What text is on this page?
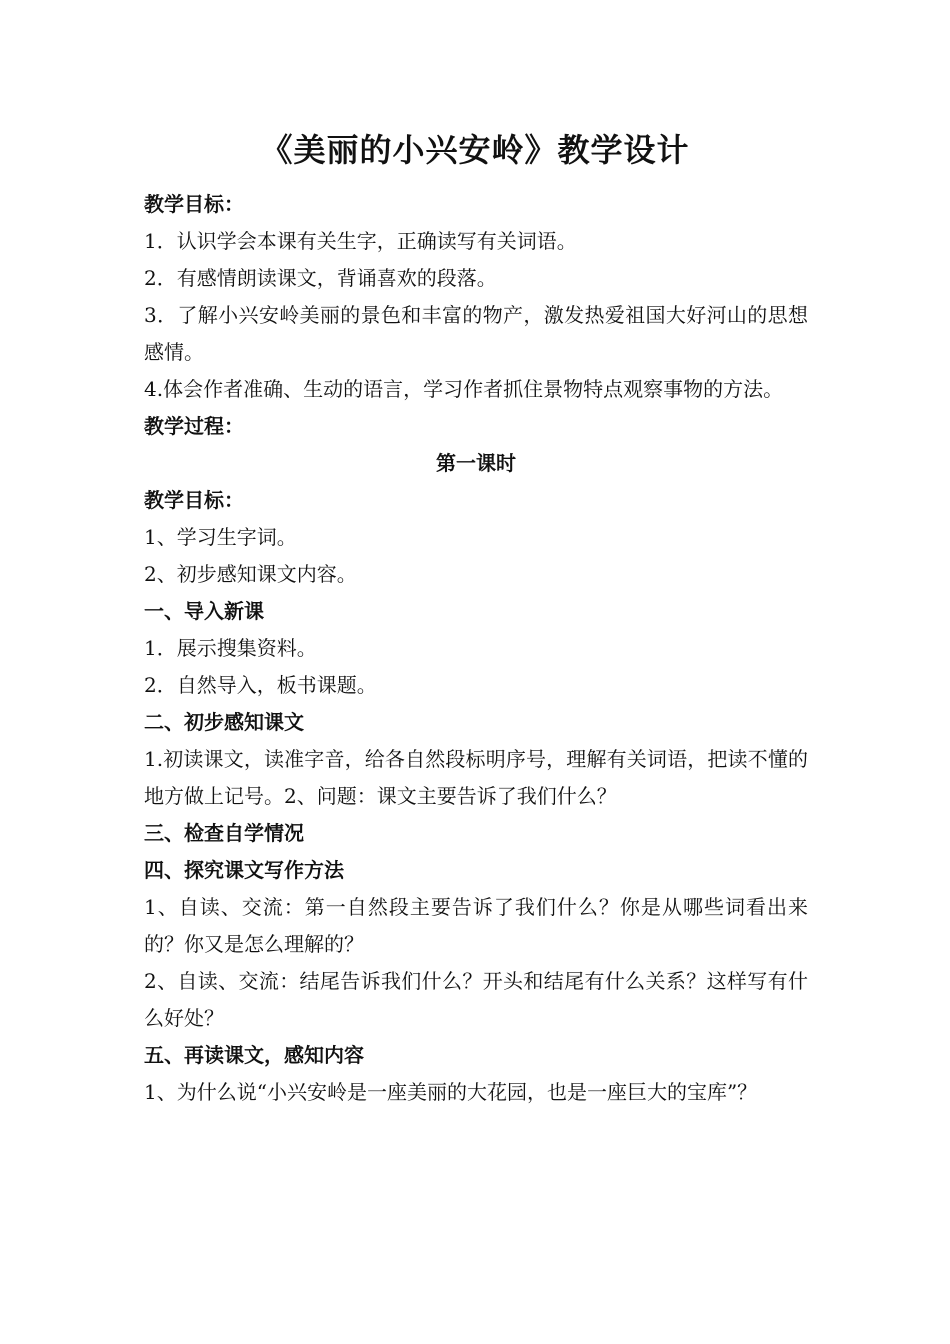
《美丽的小兴安岭》教学设计

教学目标：

1．认识学会本课有关生字，正确读写有关词语。

2．有感情朗读课文，背诵喜欢的段落。

3．了解小兴安岭美丽的景色和丰富的物产，激发热爱祖国大好河山的思想感情。

4.体会作者准确、生动的语言，学习作者抓住景物特点观察事物的方法。

教学过程：

第一课时

教学目标：

1、学习生字词。

2、初步感知课文内容。

一、导入新课

1．展示搜集资料。

2．自然导入，板书课题。

二、初步感知课文

1.初读课文，读准字音，给各自然段标明序号，理解有关词语，把读不懂的地方做上记号。2、问题：课文主要告诉了我们什么？

三、检查自学情况

四、探究课文写作方法

1、自读、交流：第一自然段主要告诉了我们什么？你是从哪些词看出来的？你又是怎么理解的？

2、自读、交流：结尾告诉我们什么？开头和结尾有什么关系？这样写有什么好处？

五、再读课文，感知内容

1、为什么说“小兴安岭是一座美丽的大花园，也是一座巨大的宝库”？
